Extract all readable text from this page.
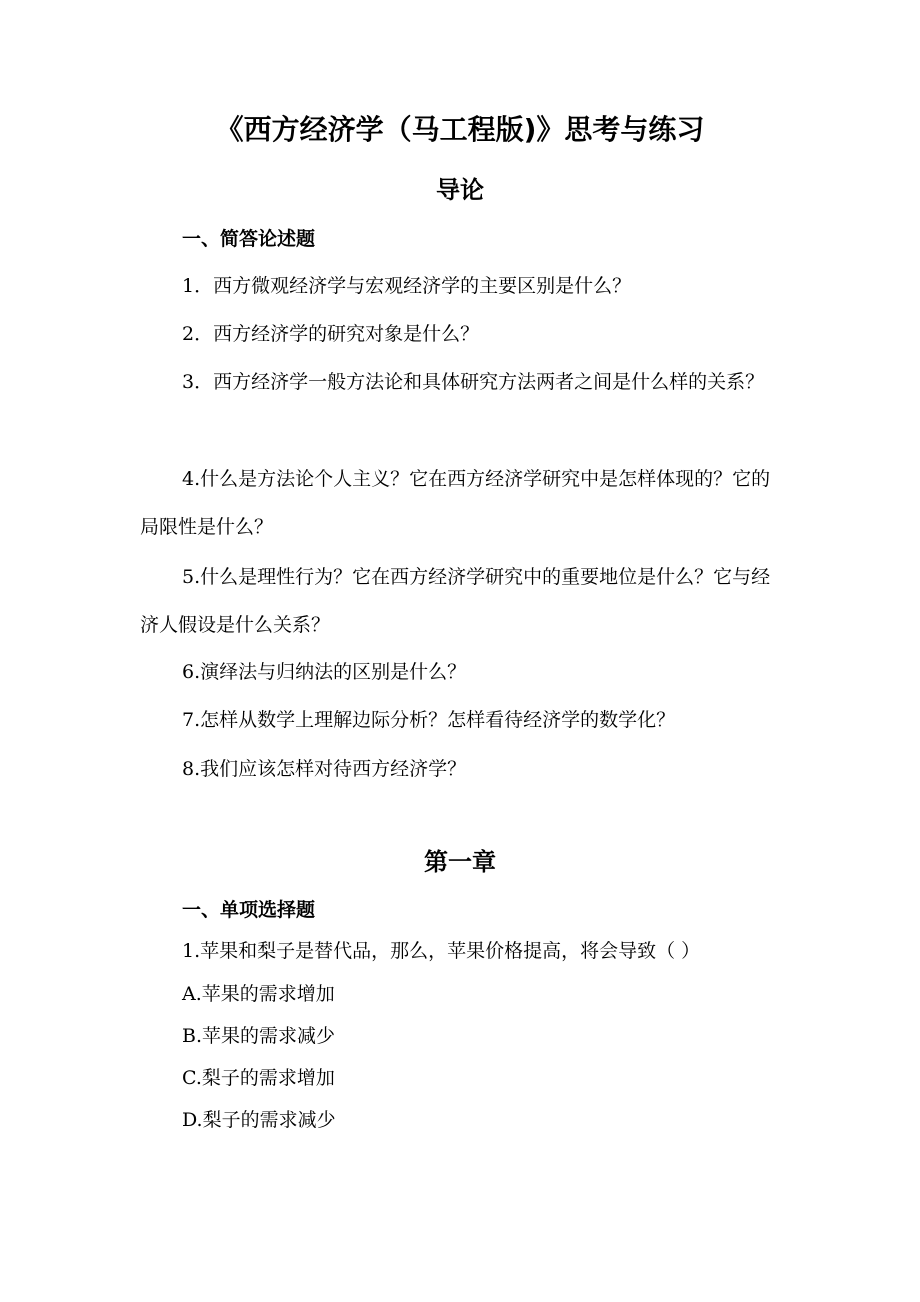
《西方经济学（马工程版)》思考与练习
导论
一、简答论述题

1．西方微观经济学与宏观经济学的主要区别是什么？

2．西方经济学的研究对象是什么？

3．西方经济学一般方法论和具体研究方法两者之间是什么样的关系？

4.什么是方法论个人主义？它在西方经济学研究中是怎样体现的？它的局限性是什么？

5.什么是理性行为？它在西方经济学研究中的重要地位是什么？它与经济人假设是什么关系？

6.演绎法与归纳法的区别是什么？

7.怎样从数学上理解边际分析？怎样看待经济学的数学化？

8.我们应该怎样对待西方经济学？

第一章
一、单项选择题

1.苹果和梨子是替代品，那么，苹果价格提高，将会导致（ ）

A.苹果的需求增加

B.苹果的需求减少

C.梨子的需求增加

D.梨子的需求减少
